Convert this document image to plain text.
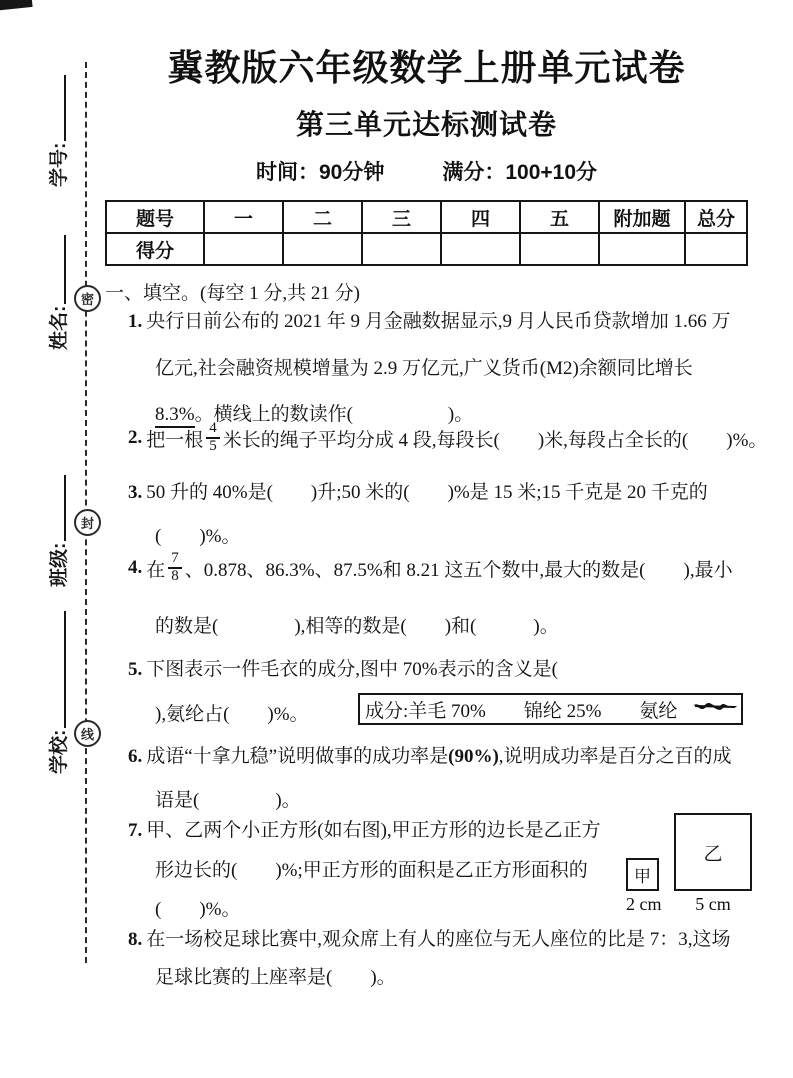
学号:
姓名:
班级:
学校:
密
封
线
冀教版六年级数学上册单元试卷
第三单元达标测试卷
时间：90分钟	满分：100+10分
题号	一	二	三	四	五	附加题	总分
得分							
一、填空。(每空 1 分,共 21 分)
1. 央行日前公布的 2021 年 9 月金融数据显示,9 月人民币贷款增加 1.66 万
亿元,社会融资规模增量为 2.9 万亿元,广义货币(M2)余额同比增长
8.3%。横线上的数读作(　　　　　)。
2. 把一根 $\frac{4}{5}$ 米长的绳子平均分成 4 段,每段长(　　)米,每段占全长的(　　)%。
3. 50 升的 40%是(　　)升;50 米的(　　)%是 15 米;15 千克是 20 千克的
(　　)%。
4. 在 $\frac{7}{8}$ 、0.878、86.3%、87.5%和 8.21 这五个数中,最大的数是(　　),最小
的数是(　　　　),相等的数是(　　)和(　　　)。
5. 下图表示一件毛衣的成分,图中 70%表示的含义是(
),氨纶占(　　)%。	成分:羊毛 70%　　锦纶 25%　　氨纶
6. 成语“十拿九稳”说明做事的成功率是(90%),说明成功率是百分之百的成
语是(　　　　)。
7. 甲、乙两个小正方形(如右图),甲正方形的边长是乙正方
形边长的(　　)%;甲正方形的面积是乙正方形面积的
(　　)%。
甲
乙
2 cm	5 cm
8. 在一场校足球比赛中,观众席上有人的座位与无人座位的比是 7：3,这场
足球比赛的上座率是(　　)。
